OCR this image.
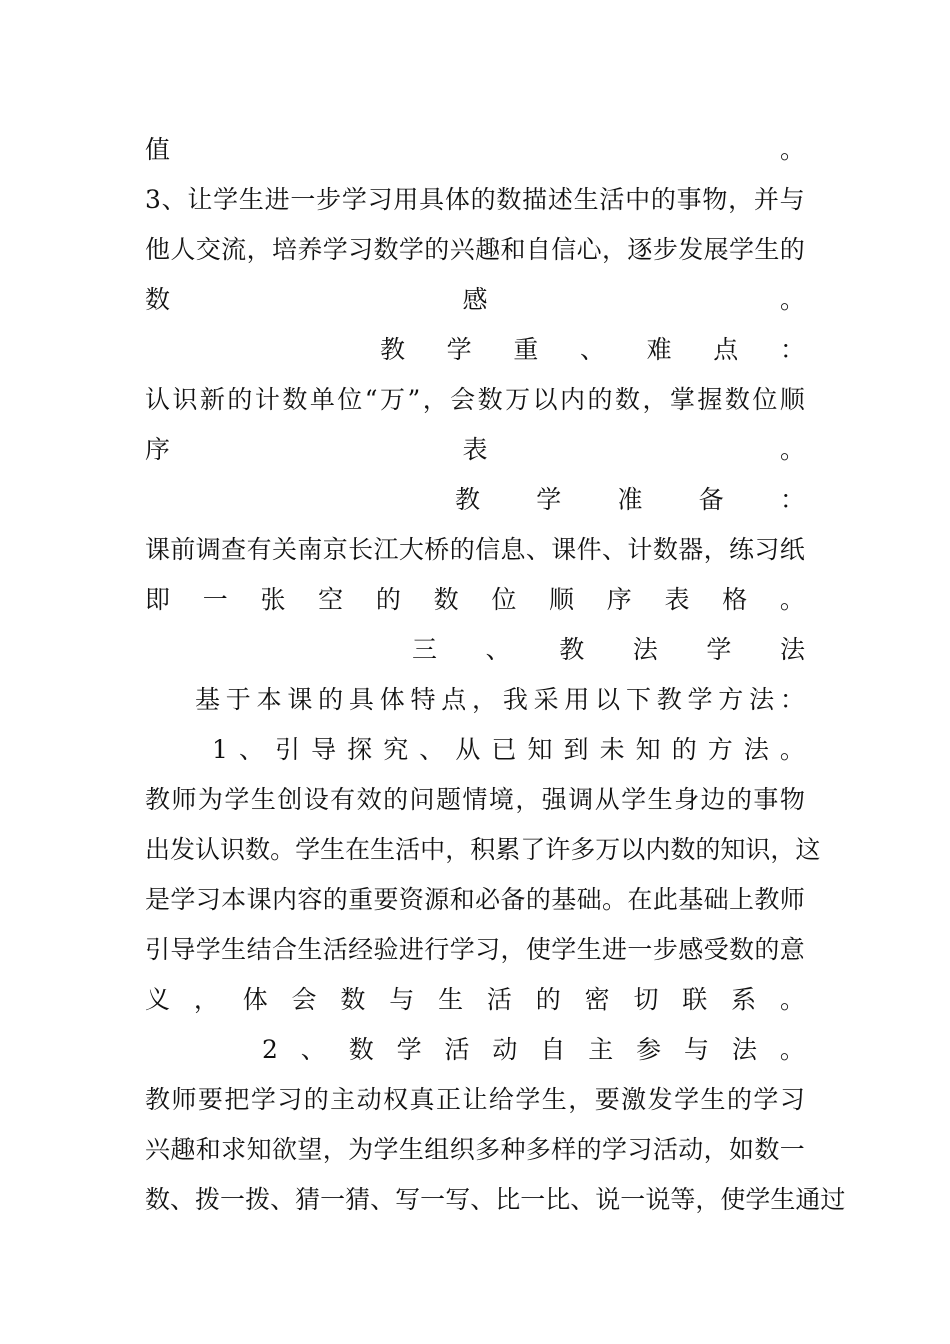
值	。
3 、 让 学 生 进 一 步 学 习 用 具 体 的 数 描 述 生 活 中 的 事 物 ， 并 与
他 人 交 流 ， 培 养 学 习 数 学 的 兴 趣 和 自 信 心 ， 逐 步 发 展 学 生 的
数	感	。
教 学 重 、 难 点 ：
认 识 新 的 计 数 单 位 “ 万 ” ， 会 数 万 以 内 的 数 ， 掌 握 数 位 顺
序	表	。
教 学 准 备 ：
课 前 调 查 有 关 南 京 长 江 大 桥 的 信 息 、 课 件 、 计 数 器 ， 练 习 纸
即 一 张 空 的 数 位 顺 序 表 格 。
三 、 教 法 学 法
基 于 本 课 的 具 体 特 点 ， 我 采 用 以 下 教 学 方 法 ：
1 、 引 导 探 究 、 从 已 知 到 未 知 的 方 法 。
教 师 为 学 生 创 设 有 效 的 问 题 情 境 ， 强 调 从 学 生 身 边 的 事 物
出 发 认 识 数 。 学 生 在 生 活 中 ， 积 累 了 许 多 万 以 内 数 的 知 识 ， 这
是 学 习 本 课 内 容 的 重 要 资 源 和 必 备 的 基 础 。 在 此 基 础 上 教 师
引 导 学 生 结 合 生 活 经 验 进 行 学 习 ， 使 学 生 进 一 步 感 受 数 的 意
义 ， 体 会 数 与 生 活 的 密 切 联 系 。
2 、 数 学 活 动 自 主 参 与 法 。
教 师 要 把 学 习 的 主 动 权 真 正 让 给 学 生 ， 要 激 发 学 生 的 学 习
兴 趣 和 求 知 欲 望 ， 为 学 生 组 织 多 种 多 样 的 学 习 活 动 ， 如 数 一
数 、 拨 一 拨 、 猜 一 猜 、 写 一 写 、 比 一 比 、 说 一 说 等 ， 使 学 生 通 过
